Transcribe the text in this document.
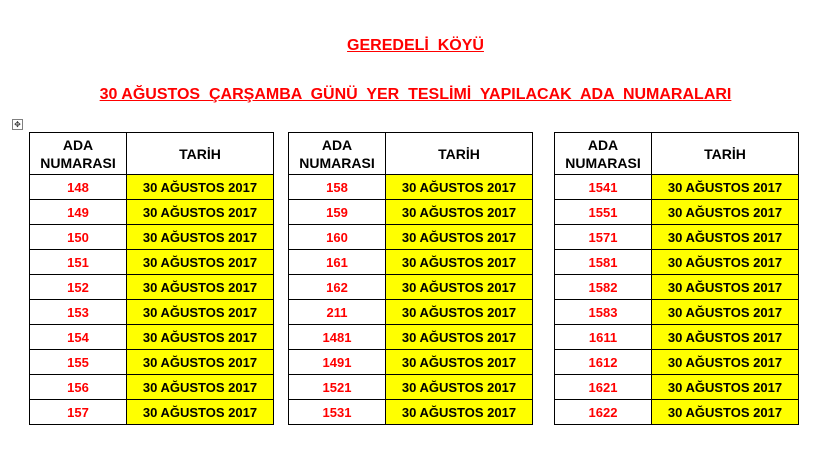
GEREDELİ  KÖYÜ
30 AĞUSTOS  ÇARŞAMBA  GÜNÜ  YER  TESLİMİ  YAPILACAK  ADA  NUMARALARI
✥
ADA
NUMARASI	TARİH
148	30 AĞUSTOS 2017
149	30 AĞUSTOS 2017
150	30 AĞUSTOS 2017
151	30 AĞUSTOS 2017
152	30 AĞUSTOS 2017
153	30 AĞUSTOS 2017
154	30 AĞUSTOS 2017
155	30 AĞUSTOS 2017
156	30 AĞUSTOS 2017
157	30 AĞUSTOS 2017
ADA
NUMARASI	TARİH
158	30 AĞUSTOS 2017
159	30 AĞUSTOS 2017
160	30 AĞUSTOS 2017
161	30 AĞUSTOS 2017
162	30 AĞUSTOS 2017
211	30 AĞUSTOS 2017
1481	30 AĞUSTOS 2017
1491	30 AĞUSTOS 2017
1521	30 AĞUSTOS 2017
1531	30 AĞUSTOS 2017
ADA
NUMARASI	TARİH
1541	30 AĞUSTOS 2017
1551	30 AĞUSTOS 2017
1571	30 AĞUSTOS 2017
1581	30 AĞUSTOS 2017
1582	30 AĞUSTOS 2017
1583	30 AĞUSTOS 2017
1611	30 AĞUSTOS 2017
1612	30 AĞUSTOS 2017
1621	30 AĞUSTOS 2017
1622	30 AĞUSTOS 2017
